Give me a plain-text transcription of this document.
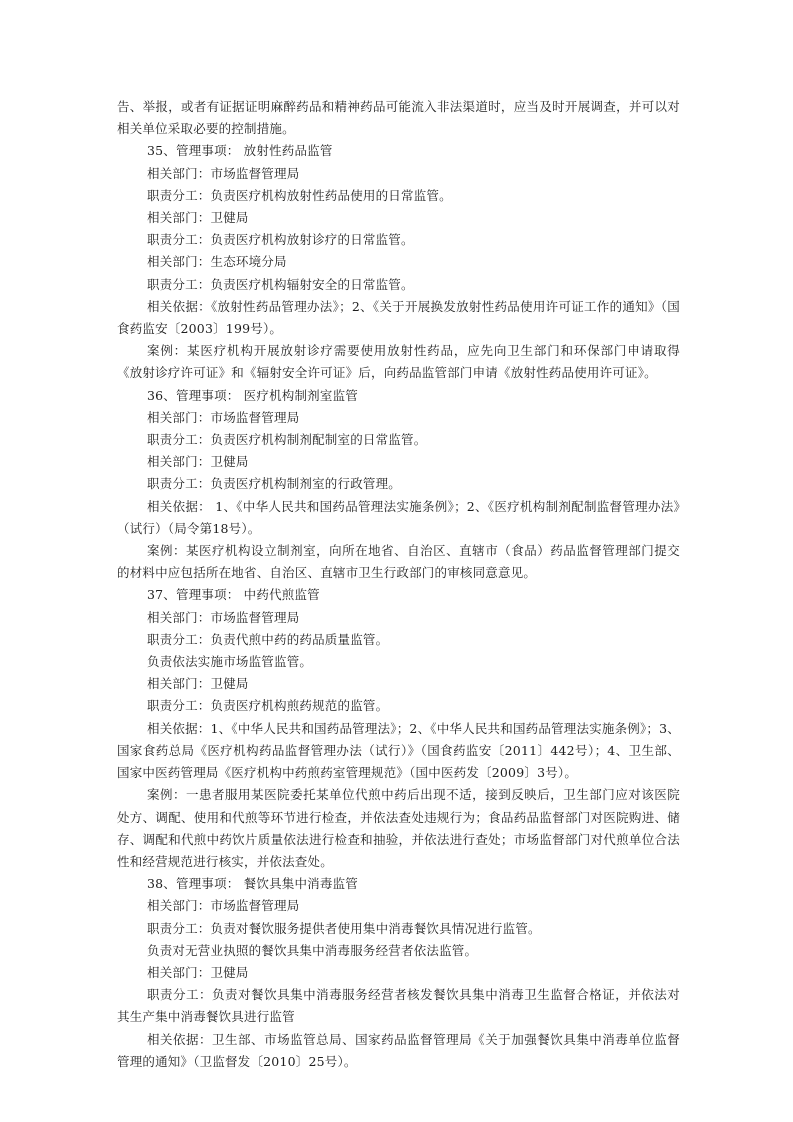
告、举报，或者有证据证明麻醉药品和精神药品可能流入非法渠道时，应当及时开展调查，并可以对相关单位采取必要的控制措施。

35、管理事项： 放射性药品监管

相关部门：市场监督管理局

职责分工：负责医疗机构放射性药品使用的日常监管。

相关部门：卫健局

职责分工：负责医疗机构放射诊疗的日常监管。

相关部门：生态环境分局

职责分工：负责医疗机构辐射安全的日常监管。

相关依据：《放射性药品管理办法》；2、《关于开展换发放射性药品使用许可证工作的通知》（国食药监安〔2003〕199号）。

案例：某医疗机构开展放射诊疗需要使用放射性药品，应先向卫生部门和环保部门申请取得《放射诊疗许可证》和《辐射安全许可证》后，向药品监管部门申请《放射性药品使用许可证》。

36、管理事项： 医疗机构制剂室监管

相关部门：市场监督管理局

职责分工：负责医疗机构制剂配制室的日常监管。

相关部门：卫健局

职责分工：负责医疗机构制剂室的行政管理。

相关依据： 1、《中华人民共和国药品管理法实施条例》；2、《医疗机构制剂配制监督管理办法》（试行）（局令第18号）。

案例：某医疗机构设立制剂室，向所在地省、自治区、直辖市（食品）药品监督管理部门提交的材料中应包括所在地省、自治区、直辖市卫生行政部门的审核同意意见。

37、管理事项： 中药代煎监管

相关部门：市场监督管理局

职责分工：负责代煎中药的药品质量监管。

负责依法实施市场监管监管。

相关部门：卫健局

职责分工：负责医疗机构煎药规范的监管。

相关依据：1、《中华人民共和国药品管理法》；2、《中华人民共和国药品管理法实施条例》；3、国家食药总局《医疗机构药品监督管理办法（试行）》（国食药监安〔2011〕442号）；4、卫生部、国家中医药管理局《医疗机构中药煎药室管理规范》（国中医药发〔2009〕3号）。

案例：一患者服用某医院委托某单位代煎中药后出现不适，接到反映后，卫生部门应对该医院处方、调配、使用和代煎等环节进行检查，并依法查处违规行为；食品药品监督部门对医院购进、储存、调配和代煎中药饮片质量依法进行检查和抽验，并依法进行查处；市场监督部门对代煎单位合法性和经营规范进行核实，并依法查处。

38、管理事项： 餐饮具集中消毒监管

相关部门：市场监督管理局

职责分工：负责对餐饮服务提供者使用集中消毒餐饮具情况进行监管。

负责对无营业执照的餐饮具集中消毒服务经营者依法监管。

相关部门：卫健局

职责分工：负责对餐饮具集中消毒服务经营者核发餐饮具集中消毒卫生监督合格证，并依法对其生产集中消毒餐饮具进行监管

相关依据：卫生部、市场监管总局、国家药品监督管理局《关于加强餐饮具集中消毒单位监督管理的通知》（卫监督发〔2010〕25号）。
